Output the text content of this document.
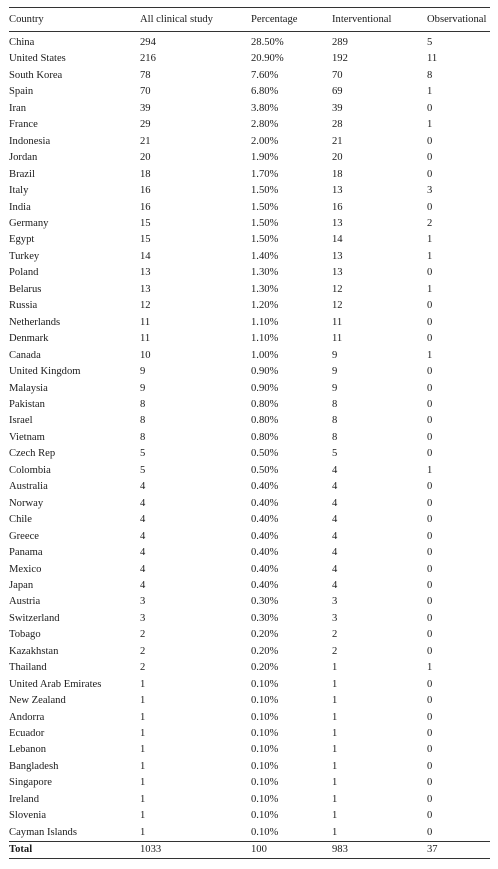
Country	All clinical study	Percentage	Interventional	Observational
China	294	28.50%	289	5
United States	216	20.90%	192	11
South Korea	78	7.60%	70	8
Spain	70	6.80%	69	1
Iran	39	3.80%	39	0
France	29	2.80%	28	1
Indonesia	21	2.00%	21	0
Jordan	20	1.90%	20	0
Brazil	18	1.70%	18	0
Italy	16	1.50%	13	3
India	16	1.50%	16	0
Germany	15	1.50%	13	2
Egypt	15	1.50%	14	1
Turkey	14	1.40%	13	1
Poland	13	1.30%	13	0
Belarus	13	1.30%	12	1
Russia	12	1.20%	12	0
Netherlands	11	1.10%	11	0
Denmark	11	1.10%	11	0
Canada	10	1.00%	9	1
United Kingdom	9	0.90%	9	0
Malaysia	9	0.90%	9	0
Pakistan	8	0.80%	8	0
Israel	8	0.80%	8	0
Vietnam	8	0.80%	8	0
Czech Rep	5	0.50%	5	0
Colombia	5	0.50%	4	1
Australia	4	0.40%	4	0
Norway	4	0.40%	4	0
Chile	4	0.40%	4	0
Greece	4	0.40%	4	0
Panama	4	0.40%	4	0
Mexico	4	0.40%	4	0
Japan	4	0.40%	4	0
Austria	3	0.30%	3	0
Switzerland	3	0.30%	3	0
Tobago	2	0.20%	2	0
Kazakhstan	2	0.20%	2	0
Thailand	2	0.20%	1	1
United Arab Emirates	1	0.10%	1	0
New Zealand	1	0.10%	1	0
Andorra	1	0.10%	1	0
Ecuador	1	0.10%	1	0
Lebanon	1	0.10%	1	0
Bangladesh	1	0.10%	1	0
Singapore	1	0.10%	1	0
Ireland	1	0.10%	1	0
Slovenia	1	0.10%	1	0
Cayman Islands	1	0.10%	1	0
Total	1033	100	983	37
